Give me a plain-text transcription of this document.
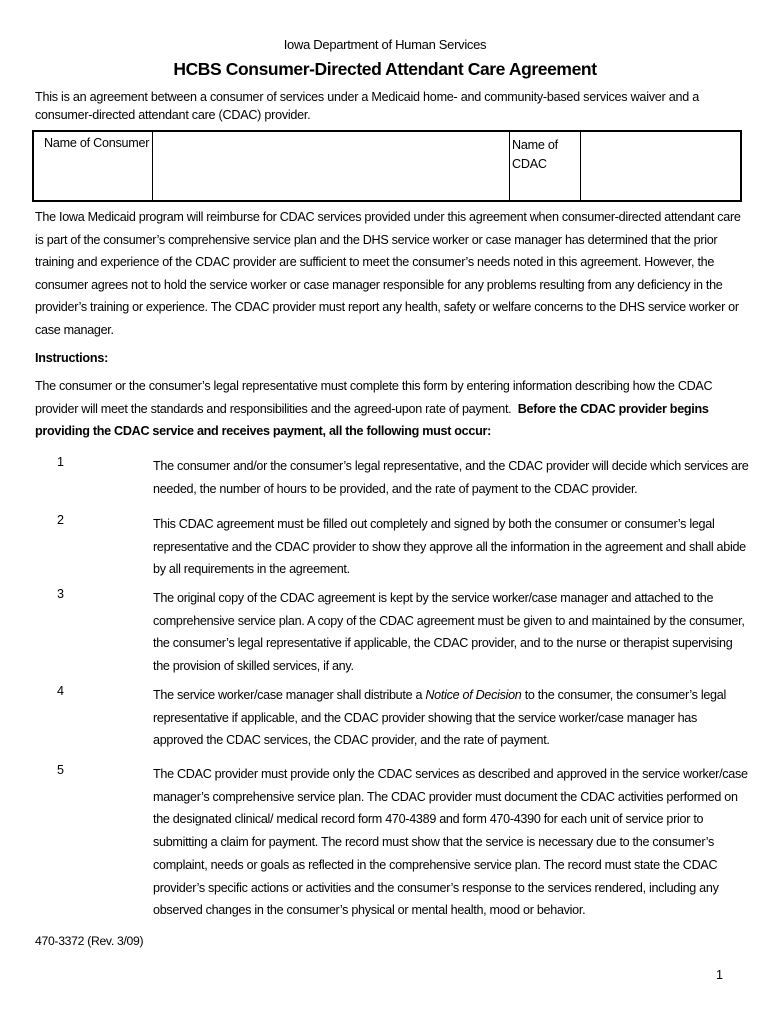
Iowa Department of Human Services
HCBS Consumer-Directed Attendant Care Agreement
This is an agreement between a consumer of services under a Medicaid home- and community-based services waiver and a consumer-directed attendant care (CDAC) provider.
Name of Consumer	Name of CDAC
The Iowa Medicaid program will reimburse for CDAC services provided under this agreement when consumer-directed attendant care is part of the consumer’s comprehensive service plan and the DHS service worker or case manager has determined that the prior training and experience of the CDAC provider are sufficient to meet the consumer’s needs noted in this agreement. However, the consumer agrees not to hold the service worker or case manager responsible for any problems resulting from any deficiency in the provider’s training or experience. The CDAC provider must report any health, safety or welfare concerns to the DHS service worker or case manager.
Instructions:
The consumer or the consumer’s legal representative must complete this form by entering information describing how the CDAC provider will meet the standards and responsibilities and the agreed-upon rate of payment. Before the CDAC provider begins providing the CDAC service and receives payment, all the following must occur:
1	The consumer and/or the consumer’s legal representative, and the CDAC provider will decide which services are needed, the number of hours to be provided, and the rate of payment to the CDAC provider.
2	This CDAC agreement must be filled out completely and signed by both the consumer or consumer’s legal representative and the CDAC provider to show they approve all the information in the agreement and shall abide by all requirements in the agreement.
3	The original copy of the CDAC agreement is kept by the service worker/case manager and attached to the comprehensive service plan. A copy of the CDAC agreement must be given to and maintained by the consumer, the consumer’s legal representative if applicable, the CDAC provider, and to the nurse or therapist supervising the provision of skilled services, if any.
4	The service worker/case manager shall distribute a Notice of Decision to the consumer, the consumer’s legal representative if applicable, and the CDAC provider showing that the service worker/case manager has approved the CDAC services, the CDAC provider, and the rate of payment.
5	The CDAC provider must provide only the CDAC services as described and approved in the service worker/case manager’s comprehensive service plan. The CDAC provider must document the CDAC activities performed on the designated clinical/ medical record form 470-4389 and form 470-4390 for each unit of service prior to submitting a claim for payment. The record must show that the service is necessary due to the consumer’s complaint, needs or goals as reflected in the comprehensive service plan. The record must state the CDAC provider’s specific actions or activities and the consumer’s response to the services rendered, including any observed changes in the consumer’s physical or mental health, mood or behavior.
470-3372 (Rev. 3/09)
1
